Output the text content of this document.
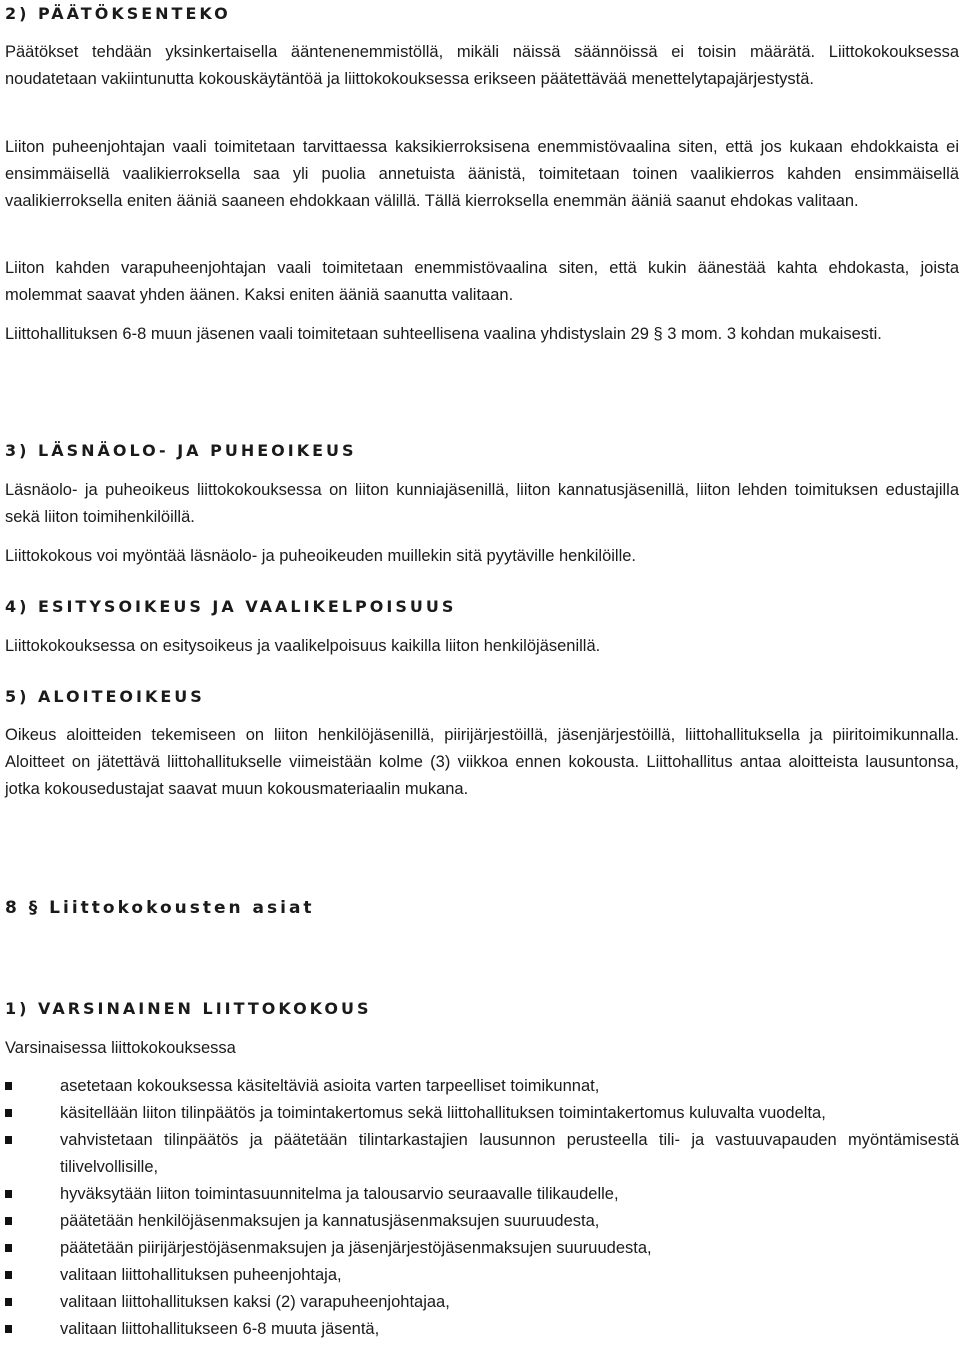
2) PÄÄTÖKSENTEKO

Päätökset tehdään yksinkertaisella ääntenenemmistöllä, mikäli näissä säännöissä ei toisin määrätä. Liittokokouksessa noudatetaan vakiintunutta kokouskäytäntöä ja liittokokouksessa erikseen päätettävää menettelytapajärjestystä.

Liiton puheenjohtajan vaali toimitetaan tarvittaessa kaksikierroksisena enemmistövaalina siten, että jos kukaan ehdokkaista ei ensimmäisellä vaalikierroksella saa yli puolia annetuista äänistä, toimitetaan toinen vaalikierros kahden ensimmäisellä vaalikierroksella eniten ääniä saaneen ehdokkaan välillä. Tällä kierroksella enemmän ääniä saanut ehdokas valitaan.

Liiton kahden varapuheenjohtajan vaali toimitetaan enemmistövaalina siten, että kukin äänestää kahta ehdokasta, joista molemmat saavat yhden äänen. Kaksi eniten ääniä saanutta valitaan.

Liittohallituksen 6-8 muun jäsenen vaali toimitetaan suhteellisena vaalina yhdistyslain 29 § 3 mom. 3 kohdan mukaisesti.

3) LÄSNÄOLO- JA PUHEOIKEUS

Läsnäolo- ja puheoikeus liittokokouksessa on liiton kunniajäsenillä, liiton kannatusjäsenillä, liiton lehden toimituksen edustajilla sekä liiton toimihenkilöillä.

Liittokokous voi myöntää läsnäolo- ja puheoikeuden muillekin sitä pyytäville henkilöille.

4) ESITYSOIKEUS JA VAALIKELPOISUUS

Liittokokouksessa on esitysoikeus ja vaalikelpoisuus kaikilla liiton henkilöjäsenillä.

5) ALOITEOIKEUS

Oikeus aloitteiden tekemiseen on liiton henkilöjäsenillä, piirijärjestöillä, jäsenjärjestöillä, liittohallituksella ja piiritoimikunnalla. Aloitteet on jätettävä liittohallitukselle viimeistään kolme (3) viikkoa ennen kokousta. Liittohallitus antaa aloitteista lausuntonsa, jotka kokousedustajat saavat muun kokousmateriaalin mukana.

8 § Liittokokousten asiat
1) VARSINAINEN LIITTOKOKOUS

Varsinaisessa liittokokouksessa

asetetaan kokouksessa käsiteltäviä asioita varten tarpeelliset toimikunnat,
käsitellään liiton tilinpäätös ja toimintakertomus sekä liittohallituksen toimintakertomus kuluvalta vuodelta,
vahvistetaan tilinpäätös ja päätetään tilintarkastajien lausunnon perusteella tili- ja vastuuvapauden myöntämisestä tilivelvollisille,
hyväksytään liiton toimintasuunnitelma ja talousarvio seuraavalle tilikaudelle,
päätetään henkilöjäsenmaksujen ja kannatusjäsenmaksujen suuruudesta,
päätetään piirijärjestöjäsenmaksujen ja jäsenjärjestöjäsenmaksujen suuruudesta,
valitaan liittohallituksen puheenjohtaja,
valitaan liittohallituksen kaksi (2) varapuheenjohtajaa,
valitaan liittohallitukseen 6-8 muuta jäsentä,
